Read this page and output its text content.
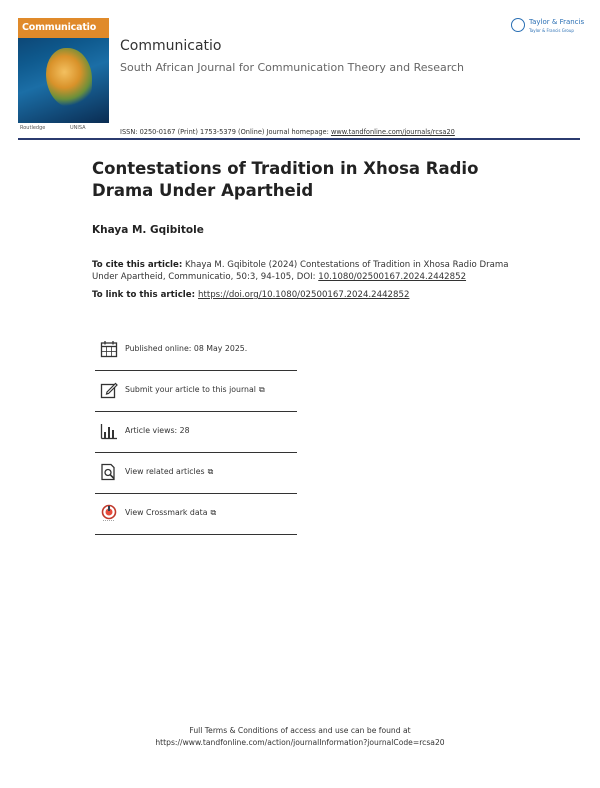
Communicatio
Routledge	UNISA
Communicatio
South African Journal for Communication Theory and Research
ISSN: 0250-0167 (Print) 1753-5379 (Online) Journal homepage: www.tandfonline.com/journals/rcsa20
Taylor & Francis
Taylor & Francis Group
Contestations of Tradition in Xhosa Radio Drama Under Apartheid
Khaya M. Gqibitole
To cite this article: Khaya M. Gqibitole (2024) Contestations of Tradition in Xhosa Radio Drama Under Apartheid, Communicatio, 50:3, 94-105, DOI: 10.1080/02500167.2024.2442852
To link to this article: https://doi.org/10.1080/02500167.2024.2442852
Published online: 08 May 2025.
Submit your article to this journal ⧉
Article views: 28
View related articles ⧉
View Crossmark data ⧉
Full Terms & Conditions of access and use can be found at
https://www.tandfonline.com/action/journalInformation?journalCode=rcsa20
